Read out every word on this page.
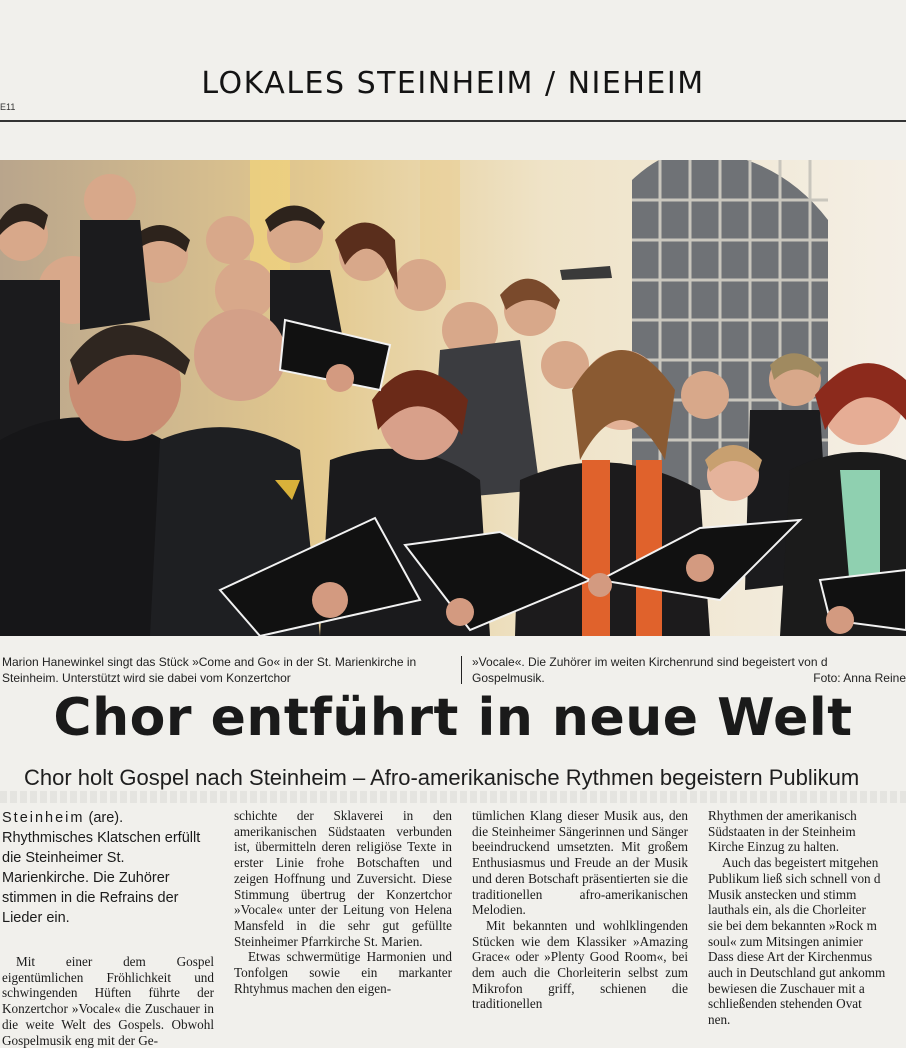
E11
LOKALES STEINHEIM / NIEHEIM
Marion Hanewinkel singt das Stück »Come and Go« in der St. Marienkirche in Steinheim. Unterstützt wird sie dabei vom Konzertchor
»Vocale«. Die Zuhörer im weiten Kirchenrund sind begeistert von d
Gospelmusik.	Foto: Anna Reine
Chor entführt in neue Welt
Chor holt Gospel nach Steinheim – Afro-amerikanische Rythmen begeistern Publikum

Steinheim (are). Rhythmisches Klatschen erfüllt die Steinheimer St. Marienkirche. Die Zuhörer stimmen in die Refrains der Lieder ein.

Mit einer dem Gospel eigentümlichen Fröhlichkeit und schwingenden Hüften führte der Konzertchor »Vocale« die Zuschauer in die weite Welt des Gospels. Obwohl Gospelmusik eng mit der Ge-

schichte der Sklaverei in den amerikanischen Südstaaten verbunden ist, übermitteln deren religiöse Texte in erster Linie frohe Botschaften und zeigen Hoffnung und Zuversicht. Diese Stimmung übertrug der Konzertchor »Vocale« unter der Leitung von Helena Mansfeld in die sehr gut gefüllte Steinheimer Pfarrkirche St. Marien.

Etwas schwermütige Harmonien und Tonfolgen sowie ein markanter Rhtyhmus machen den eigen-

tümlichen Klang dieser Musik aus, den die Steinheimer Sängerinnen und Sänger beeindruckend umsetzten. Mit großem Enthusiasmus und Freude an der Musik und deren Botschaft präsentierten sie die traditionellen afro-amerikanischen Melodien.

Mit bekannten und wohlklingenden Stücken wie dem Klassiker »Amazing Grace« oder »Plenty Good Room«, bei dem auch die Chorleiterin selbst zum Mikrofon griff, schienen die traditionellen

Rhythmen der amerikanisch
Südstaaten in der Steinheim
Kirche Einzug zu halten.
Auch das begeistert mitgehen
Publikum ließ sich schnell von d
Musik anstecken und stimm
lauthals ein, als die Chorleiter
sie bei dem bekannten »Rock m
soul« zum Mitsingen animier
Dass diese Art der Kirchenmus
auch in Deutschland gut ankomm
bewiesen die Zuschauer mit a
schließenden stehenden Ovat
nen.
